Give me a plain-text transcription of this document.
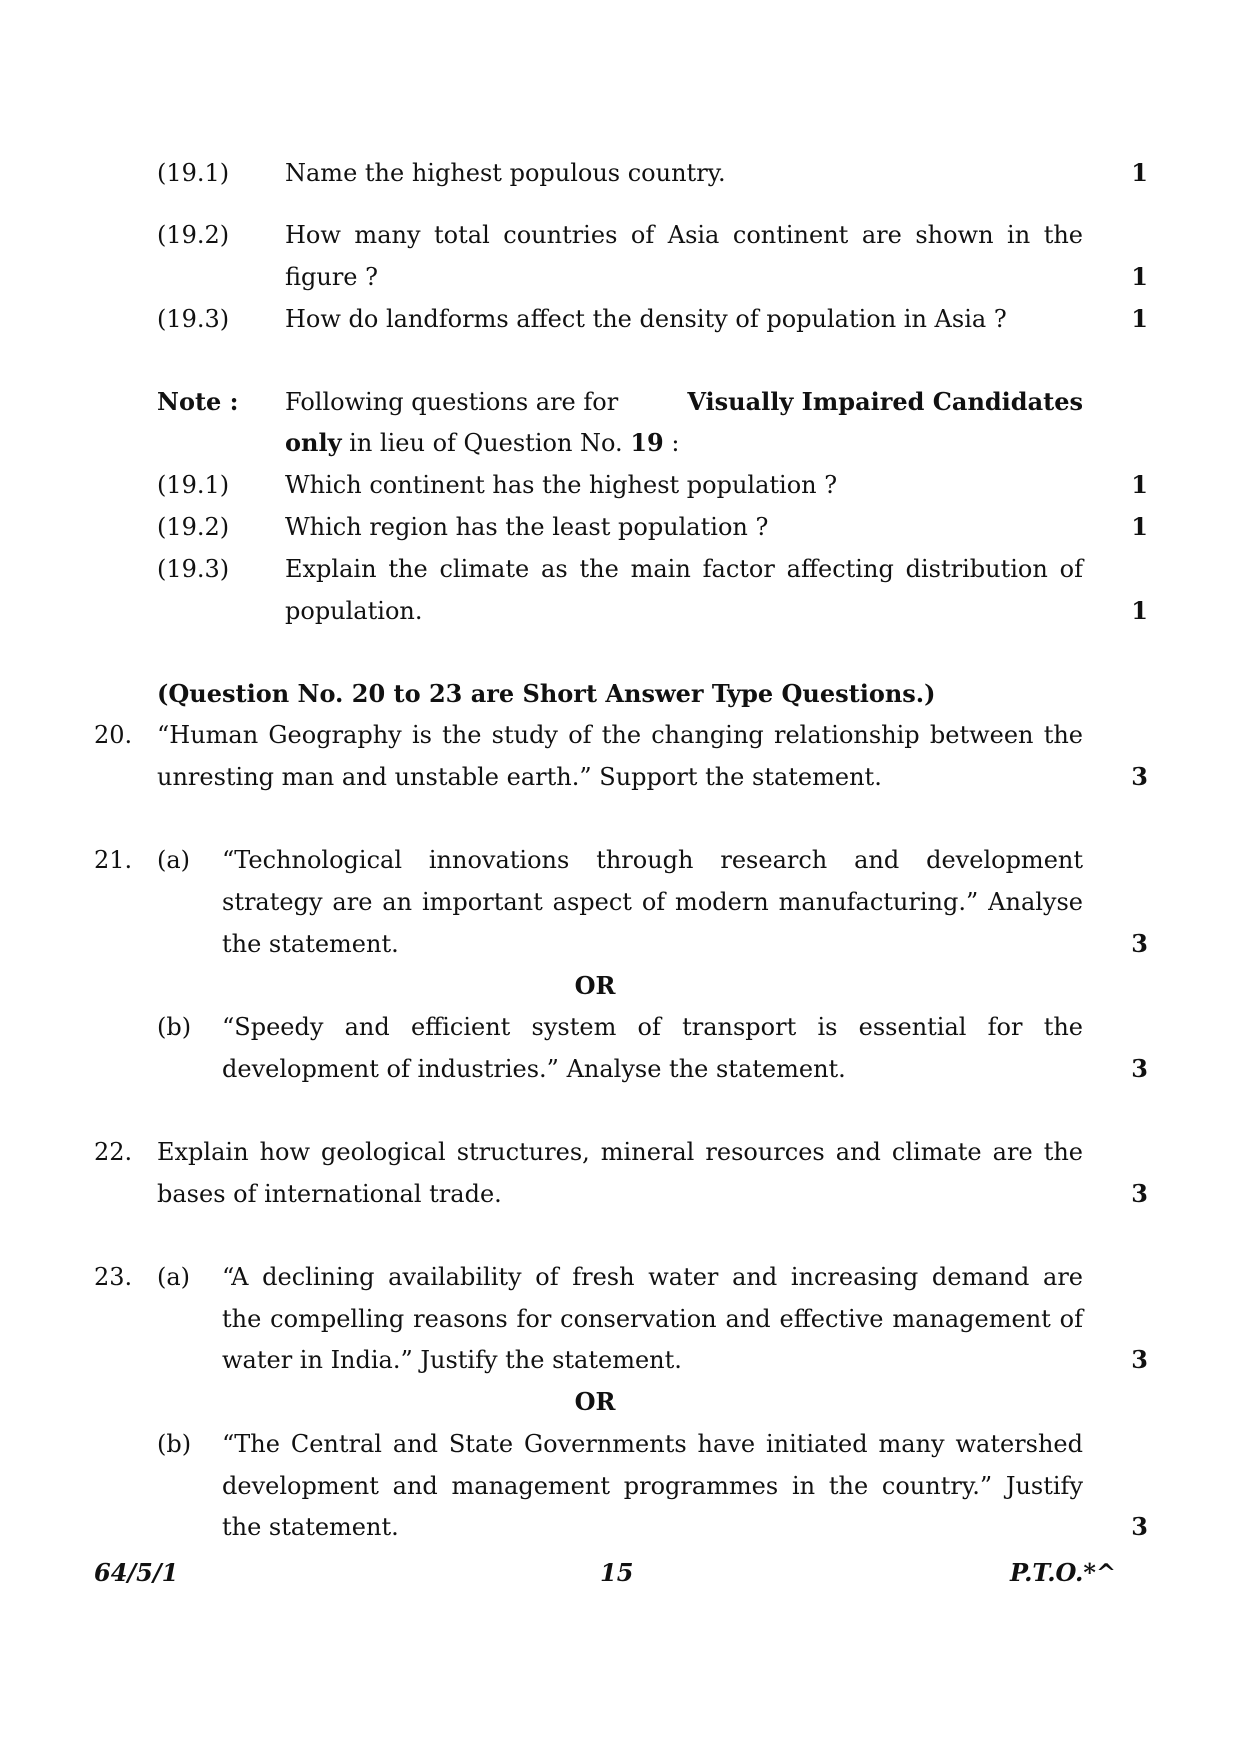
(19.1) Name the highest populous country.	1
(19.2) How many total countries of Asia continent are shown in the
figure ?	1
(19.3) How do landforms affect the density of population in Asia ?	1
Note : Following questions are for	Visually Impaired Candidates
only in lieu of Question No. 19 :
(19.1) Which continent has the highest population ?	1
(19.2) Which region has the least population ?	1
(19.3) Explain the climate as the main factor affecting distribution of
population.	1
(Question No. 20 to 23 are Short Answer Type Questions.)
20. “Human Geography is the study of the changing relationship between the
unresting man and unstable earth.” Support the statement.	3
21. (a) “Technological innovations through research and development
strategy are an important aspect of modern manufacturing.” Analyse
the statement.	3
OR
(b) “Speedy and efficient system of transport is essential for the
development of industries.” Analyse the statement.	3
22. Explain how geological structures, mineral resources and climate are the
bases of international trade.	3
23. (a) “A declining availability of fresh water and increasing demand are
the compelling reasons for conservation and effective management of
water in India.” Justify the statement.	3
OR
(b) “The Central and State Governments have initiated many watershed
development and management programmes in the country.” Justify
the statement.	3
64/5/1	15	P.T.O.*^
